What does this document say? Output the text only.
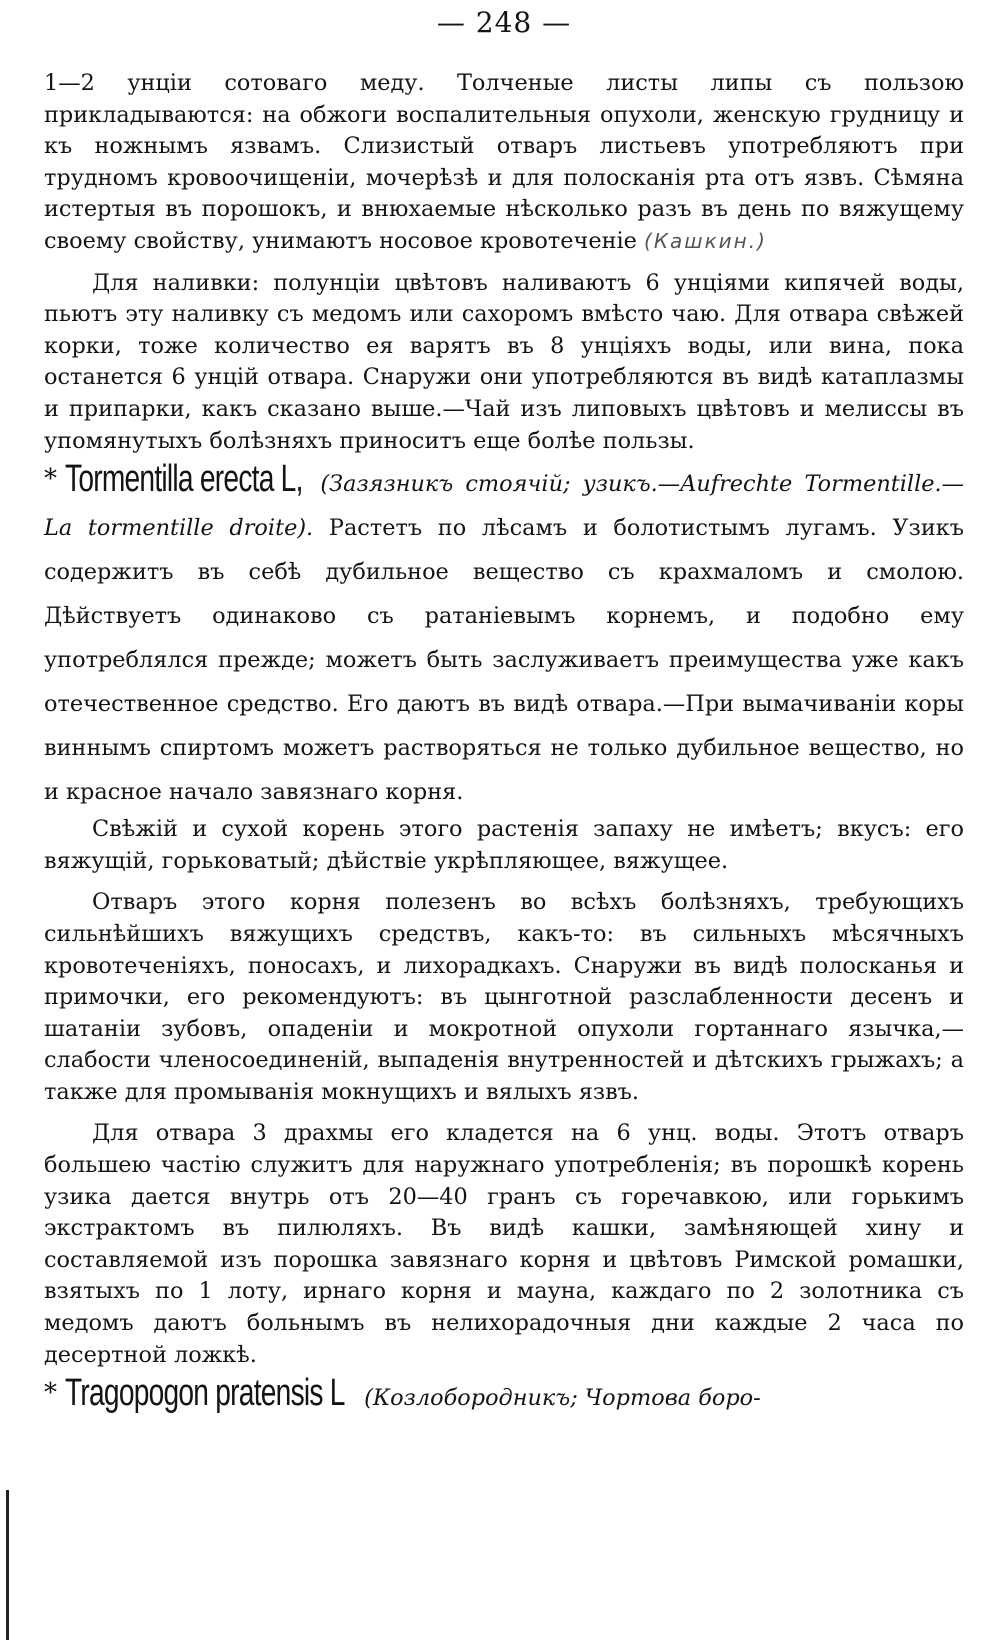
— 248 —

1—2 унціи сотоваго меду. Толченые листы липы съ пользою прикладываются: на обжоги воспалительныя опухоли, женскую грудницу и къ ножнымъ язвамъ. Слизистый отваръ листьевъ употребляютъ при трудномъ кровоочищеніи, мочерѣзѣ и для полосканія рта отъ язвъ. Сѣмяна истертыя въ порошокъ, и внюхаемые нѣсколько разъ въ день по вяжущему своему свойству, унимаютъ носовое кровотеченіе (Кашкин.)

Для наливки: полунціи цвѣтовъ наливаютъ 6 унціями кипячей воды, пьютъ эту наливку съ медомъ или сахоромъ вмѣсто чаю. Для отвара свѣжей корки, тоже количество ея варятъ въ 8 унціяхъ воды, или вина, пока останется 6 унцій отвара. Снаружи они употребляются въ видѣ катаплазмы и припарки, какъ сказано выше.—Чай изъ липовыхъ цвѣтовъ и мелиссы въ упомянутыхъ болѣзняхъ приноситъ еще болѣе пользы.

* Tormentilla erecta L, (Зазязникъ стоячій; узикъ.—Aufrechte Tormentille.—La tormentille droite). Растетъ по лѣсамъ и болотистымъ лугамъ. Узикъ содержитъ въ себѣ дубильное вещество съ крахмаломъ и смолою. Дѣйствуетъ одинаково съ ратаніевымъ корнемъ, и подобно ему употреблялся прежде; можетъ быть заслуживаетъ преимущества уже какъ отечественное средство. Его даютъ въ видѣ отвара.—При вымачиваніи коры виннымъ спиртомъ можетъ растворяться не только дубильное вещество, но и красное начало завязнаго корня.

Свѣжій и сухой корень этого растенія запаху не имѣетъ; вкусъ: его вяжущій, горьковатый; дѣйствіе укрѣпляющее, вяжущее.

Отваръ этого корня полезенъ во всѣхъ болѣзняхъ, требующихъ сильнѣйшихъ вяжущихъ средствъ, какъ-то: въ сильныхъ мѣсячныхъ кровотеченіяхъ, поносахъ, и лихорадкахъ. Снаружи въ видѣ полосканья и примочки, его рекомендуютъ: въ цынготной разслабленности десенъ и шатаніи зубовъ, опаденіи и мокротной опухоли гортаннаго язычка,—слабости членосоединеній, выпаденія внутренностей и дѣтскихъ грыжахъ; а также для промыванія мокнущихъ и вялыхъ язвъ.

Для отвара 3 драхмы его кладется на 6 унц. воды. Этотъ отваръ большею частію служитъ для наружнаго употребленія; въ порошкѣ корень узика дается внутрь отъ 20—40 гранъ съ горечавкою, или горькимъ экстрактомъ въ пилюляхъ. Въ видѣ кашки, замѣняющей хину и составляемой изъ порошка завязнаго корня и цвѣтовъ Римской ромашки, взятыхъ по 1 лоту, ирнаго корня и мауна, каждаго по 2 золотника съ медомъ даютъ больнымъ въ нелихорадочныя дни каждые 2 часа по десертной ложкѣ.

* Tragopogon pratensis L (Козлобородникъ; Чортова боро-
